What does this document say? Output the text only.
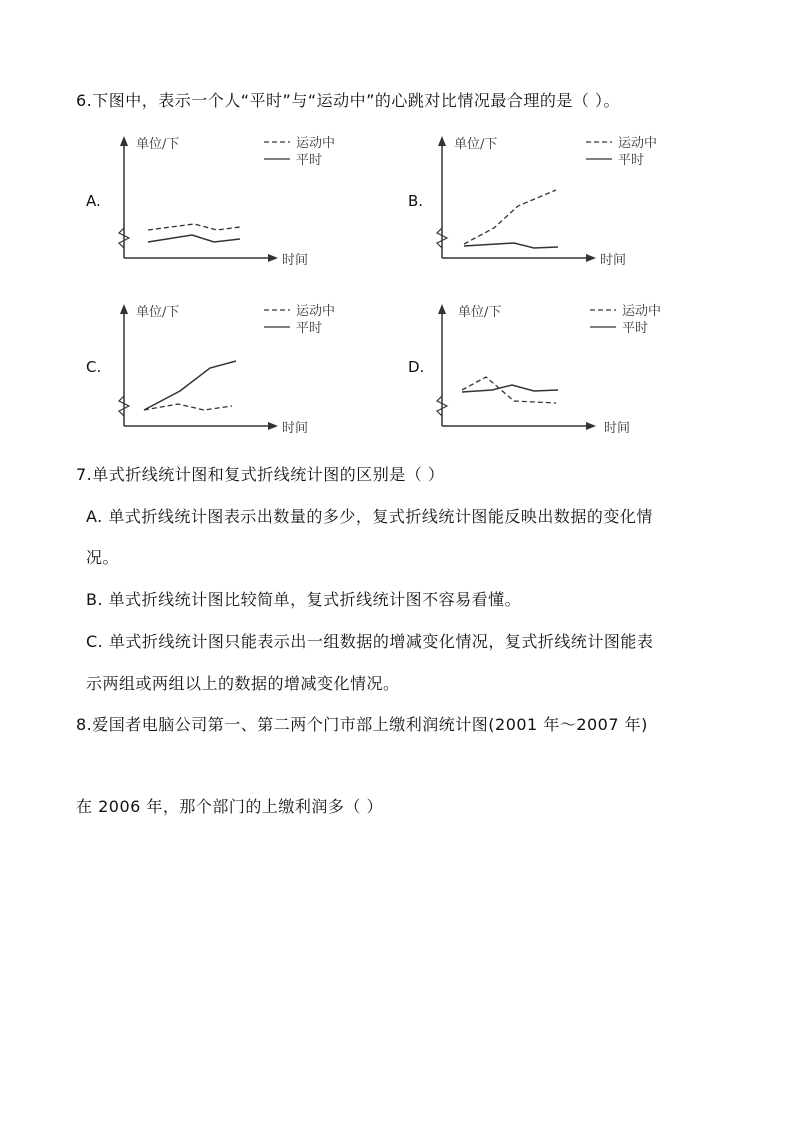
6.下图中，表示一个人“平时”与“运动中”的心跳对比情况最合理的是（ ）。
A.
单位/下
时间
运动中
平时
B.
单位/下
时间
运动中
平时
C.
单位/下
时间
运动中
平时
D.
单位/下
时间
运动中
平时
7.单式折线统计图和复式折线统计图的区别是（ ）
A. 单式折线统计图表示出数量的多少，复式折线统计图能反映出数据的变化情
况。
B. 单式折线统计图比较简单，复式折线统计图不容易看懂。
C. 单式折线统计图只能表示出一组数据的增减变化情况，复式折线统计图能表
示两组或两组以上的数据的增减变化情况。
8.爱国者电脑公司第一、第二两个门市部上缴利润统计图(2001 年～2007 年)
在 2006 年，那个部门的上缴利润多（ ）
